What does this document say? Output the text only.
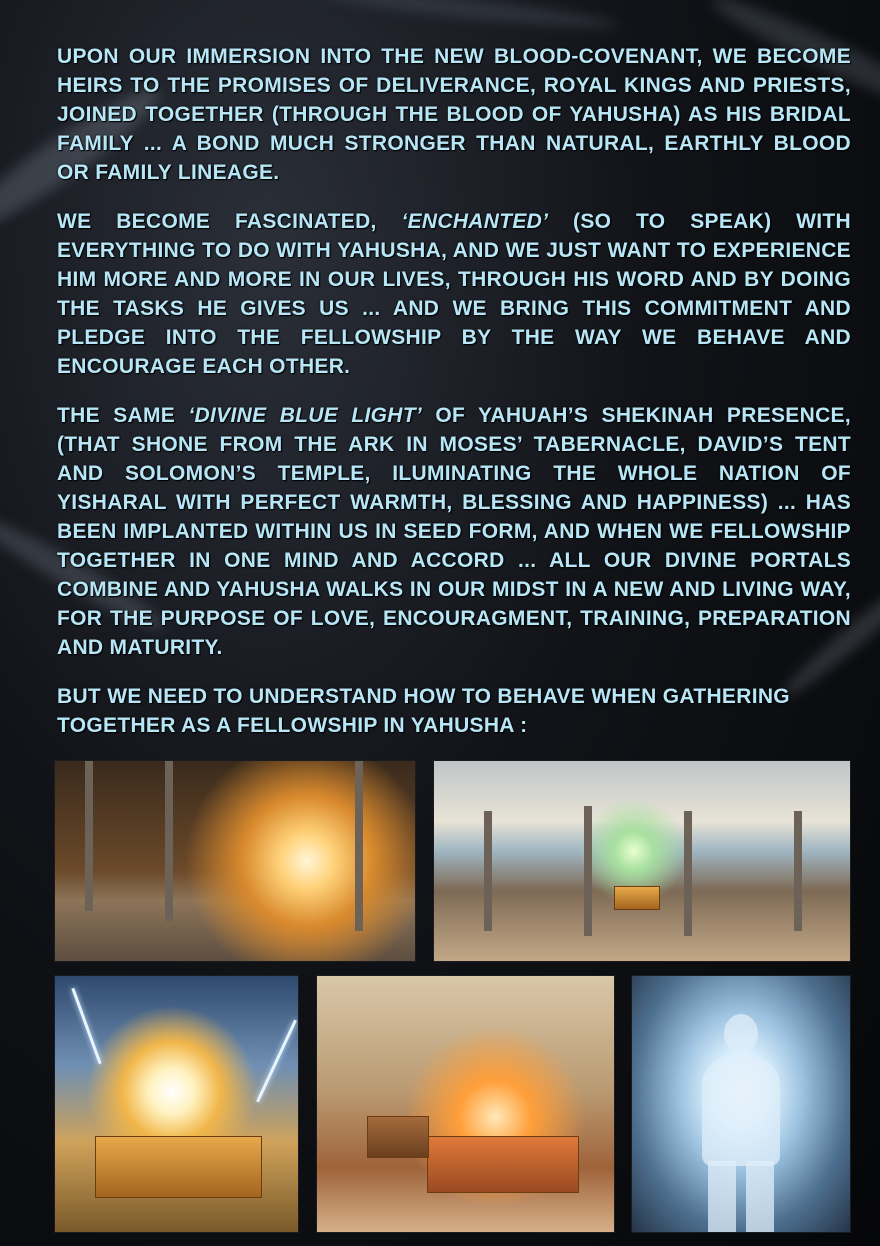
UPON OUR IMMERSION INTO THE NEW BLOOD-COVENANT, WE BECOME HEIRS TO THE PROMISES OF DELIVERANCE, ROYAL KINGS AND PRIESTS, JOINED TOGETHER (THROUGH THE BLOOD OF YAHUSHA) AS HIS BRIDAL FAMILY ... A BOND MUCH STRONGER THAN NATURAL, EARTHLY BLOOD OR FAMILY LINEAGE.

WE BECOME FASCINATED, ‘ENCHANTED’ (SO TO SPEAK) WITH EVERYTHING TO DO WITH YAHUSHA, AND WE JUST WANT TO EXPERIENCE HIM MORE AND MORE IN OUR LIVES, THROUGH HIS WORD AND BY DOING THE TASKS HE GIVES US ... AND WE BRING THIS COMMITMENT AND PLEDGE INTO THE FELLOWSHIP BY THE WAY WE BEHAVE AND ENCOURAGE EACH OTHER.

THE SAME ‘DIVINE BLUE LIGHT’ OF YAHUAH’S SHEKINAH PRESENCE, (THAT SHONE FROM THE ARK IN MOSES’ TABERNACLE, DAVID’S TENT AND SOLOMON’S TEMPLE, ILUMINATING THE WHOLE NATION OF YISHARAL WITH PERFECT WARMTH, BLESSING AND HAPPINESS) ... HAS BEEN IMPLANTED WITHIN US IN SEED FORM, AND WHEN WE FELLOWSHIP TOGETHER IN ONE MIND AND ACCORD ... ALL OUR DIVINE PORTALS COMBINE AND YAHUSHA WALKS IN OUR MIDST IN A NEW AND LIVING WAY, FOR THE PURPOSE OF LOVE, ENCOURAGMENT, TRAINING, PREPARATION AND MATURITY.

BUT WE NEED TO UNDERSTAND HOW TO BEHAVE WHEN GATHERING TOGETHER AS A FELLOWSHIP IN YAHUSHA :
